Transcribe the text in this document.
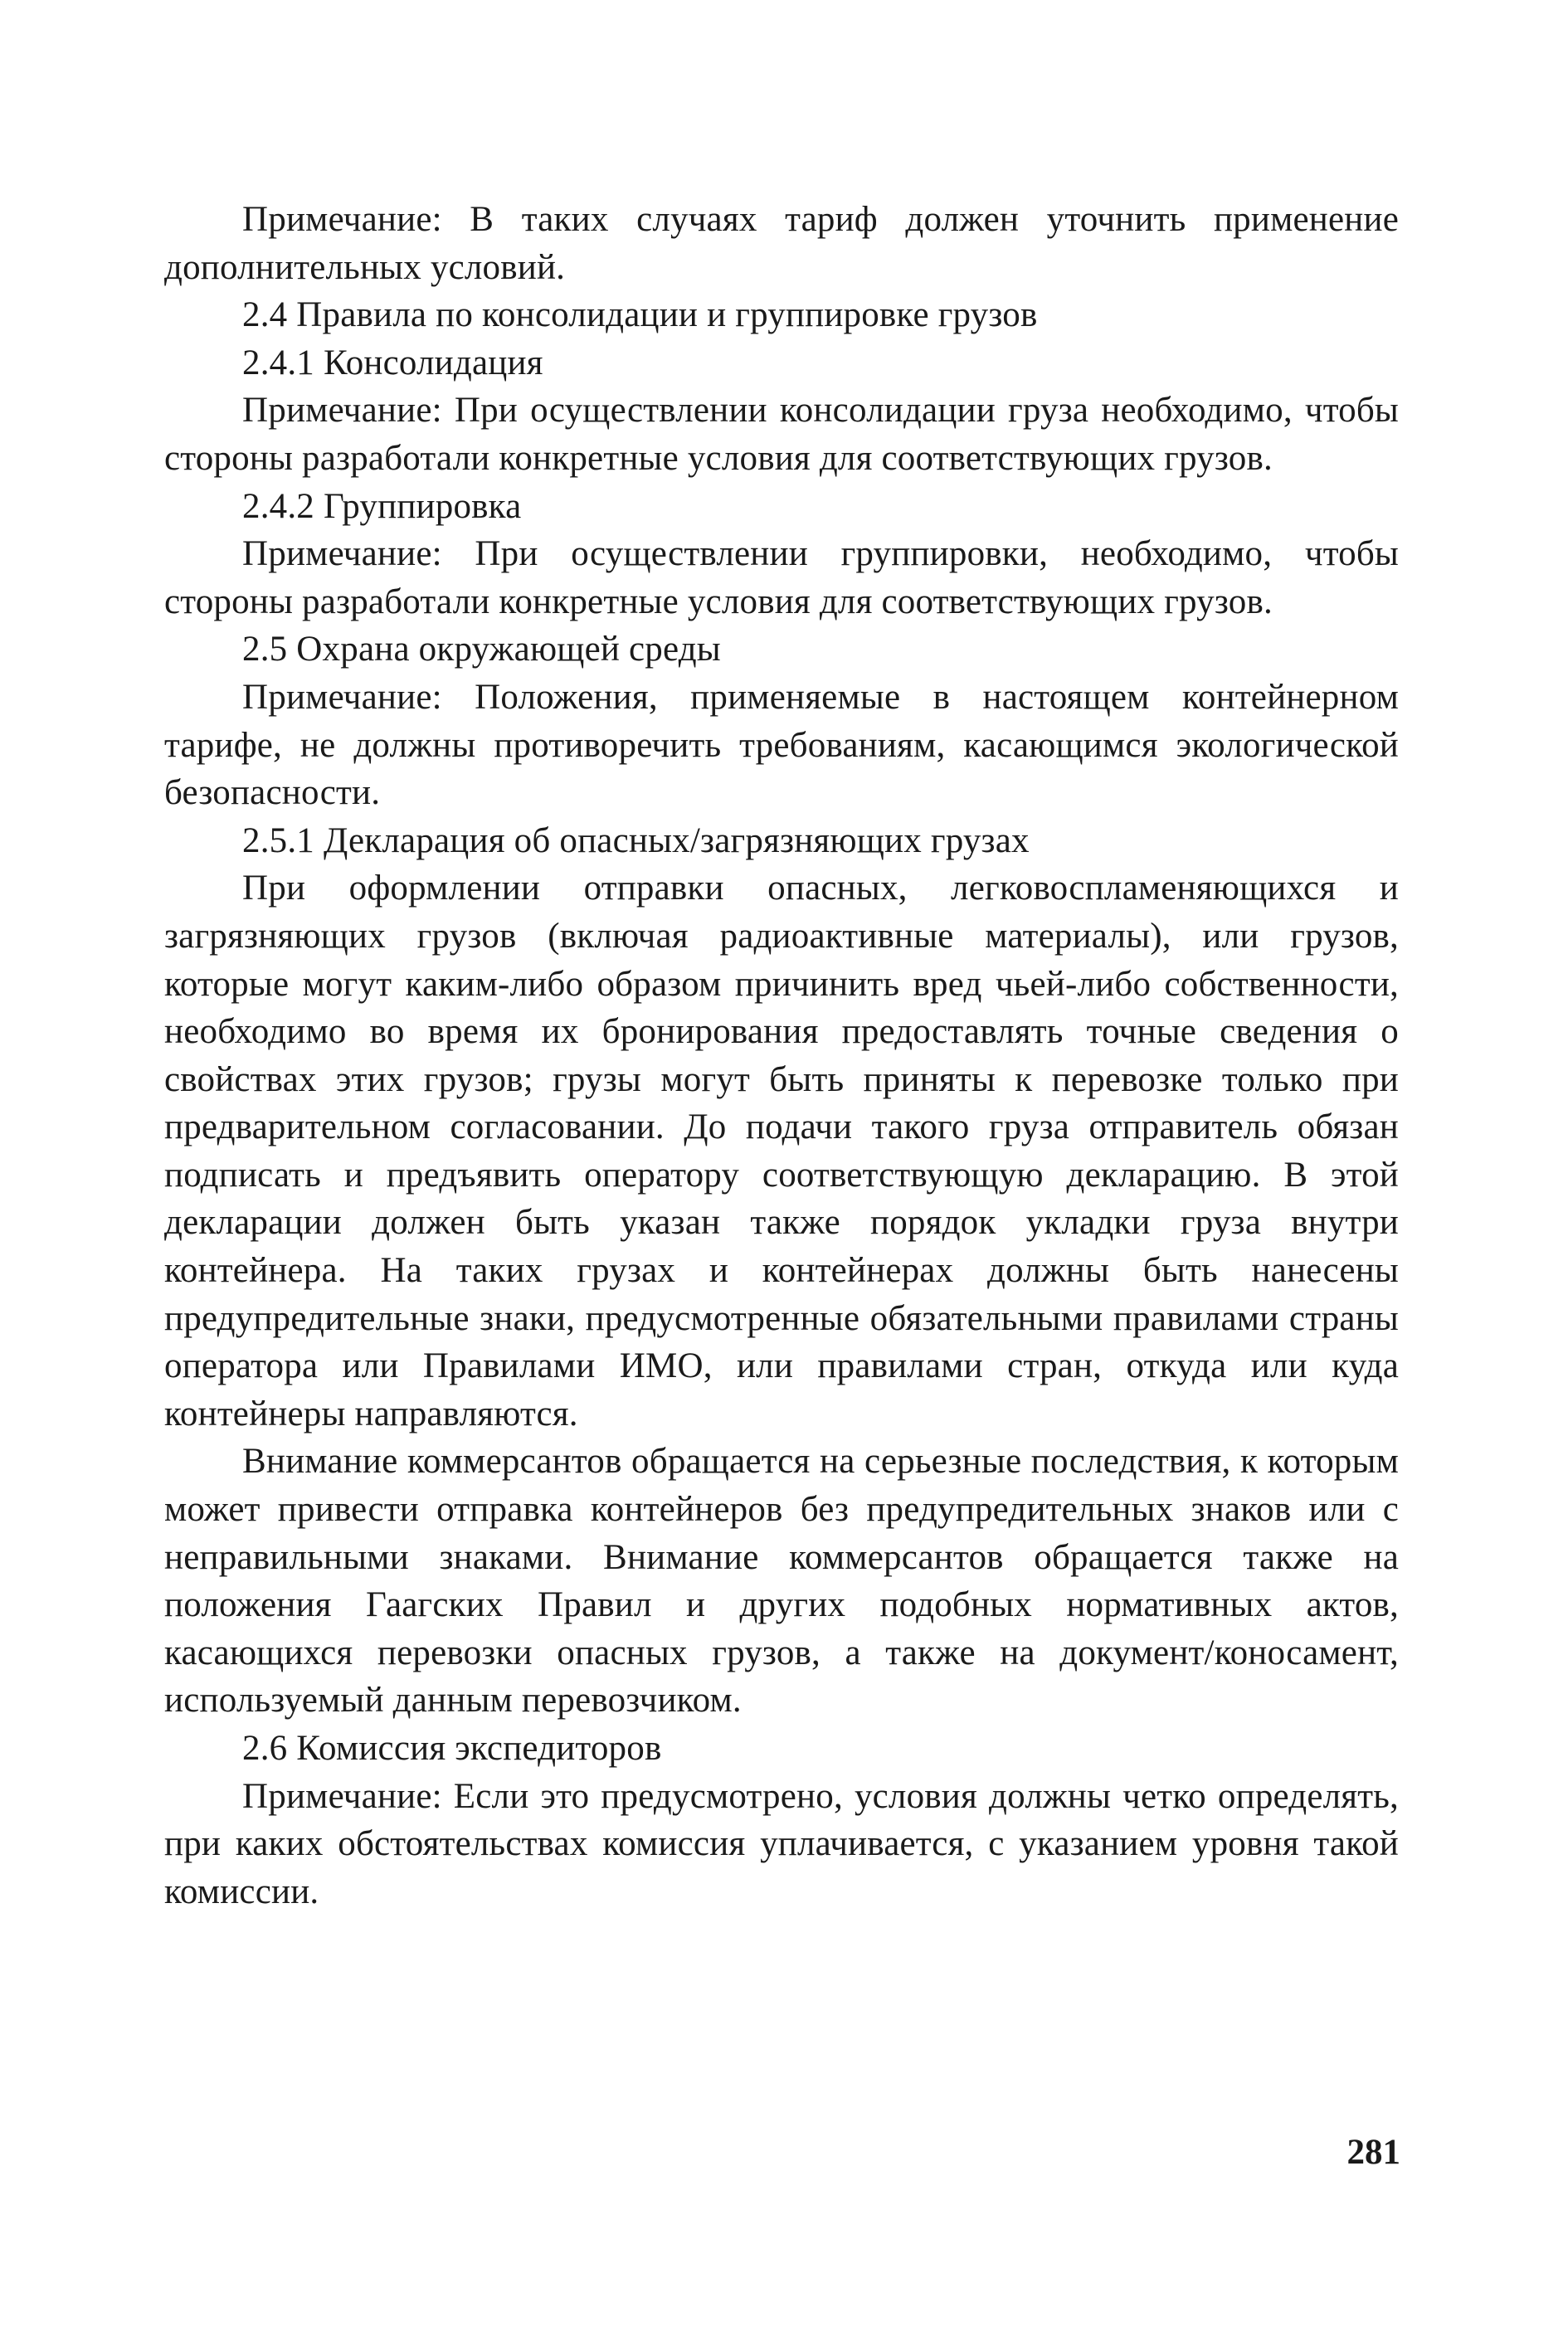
Примечание: В таких случаях тариф должен уточнить применение дополнительных условий.

2.4 Правила по консолидации и группировке грузов

2.4.1 Консолидация

Примечание: При осуществлении консолидации груза необходимо, чтобы стороны разработали конкретные условия для соответствующих грузов.

2.4.2 Группировка

Примечание: При осуществлении группировки, необходимо, чтобы стороны разработали конкретные условия для соответствующих грузов.

2.5 Охрана окружающей среды

Примечание: Положения, применяемые в настоящем контейнерном тарифе, не должны противоречить требованиям, касающимся экологической безопасности.

2.5.1 Декларация об опасных/загрязняющих грузах

При оформлении отправки опасных, легковоспламеняющихся и загрязняющих грузов (включая радиоактивные материалы), или грузов, которые могут каким-либо образом причинить вред чьей-либо собственности, необходимо во время их бронирования предоставлять точные сведения о свойствах этих грузов; грузы могут быть приняты к перевозке только при предварительном согласовании. До подачи такого груза отправитель обязан подписать и предъявить оператору соответствующую декларацию. В этой декларации должен быть указан также порядок укладки груза внутри контейнера. На таких грузах и контейнерах должны быть нанесены предупредительные знаки, предусмотренные обязательными правилами страны оператора или Правилами ИМО, или правилами стран, откуда или куда контейнеры направляются.

Внимание коммерсантов обращается на серьезные последствия, к которым может привести отправка контейнеров без предупредительных знаков или с неправильными знаками. Внимание коммерсантов обращается также на положения Гаагских Правил и других подобных нормативных актов, касающихся перевозки опасных грузов, а также на документ/коносамент, используемый данным перевозчиком.

2.6 Комиссия экспедиторов

Примечание: Если это предусмотрено, условия должны четко определять, при каких обстоятельствах комиссия уплачивается, с указанием уровня такой комиссии.

281
